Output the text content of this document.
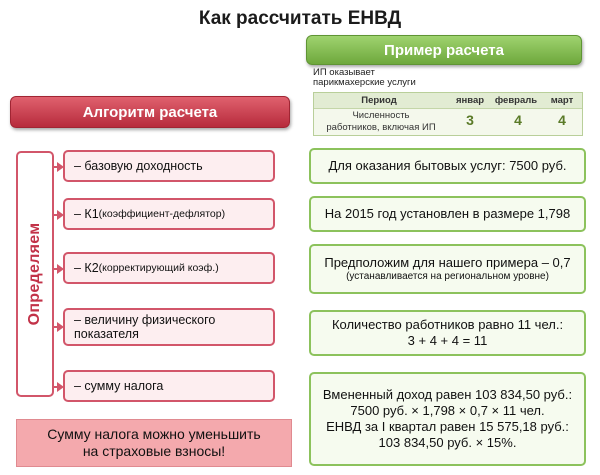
Как рассчитать ЕНВД
Пример расчета
ИП оказывает
парикмахерские услуги
Период	январ	февраль	март
Численность
работников, включая ИП	3	4	4
Алгоритм расчета
Определяем
– базовую доходность
– К1 (коэффициент-дефлятор)
– К2 (корректирующий коэф.)
– величину физического
показателя
– сумму налога
Для оказания бытовых услуг: 7500 руб.
На 2015 год установлен в размере 1,798
Предположим для нашего примера – 0,7
(устанавливается на региональном уровне)
Количество работников равно 11 чел.:
3 + 4 + 4 = 11
Вмененный доход равен 103 834,50 руб.:
7500 руб. × 1,798 × 0,7 × 11 чел.
ЕНВД за I квартал равен 15 575,18 руб.:
103 834,50 руб. × 15%.
Сумму налога можно уменьшить
на страховые взносы!
